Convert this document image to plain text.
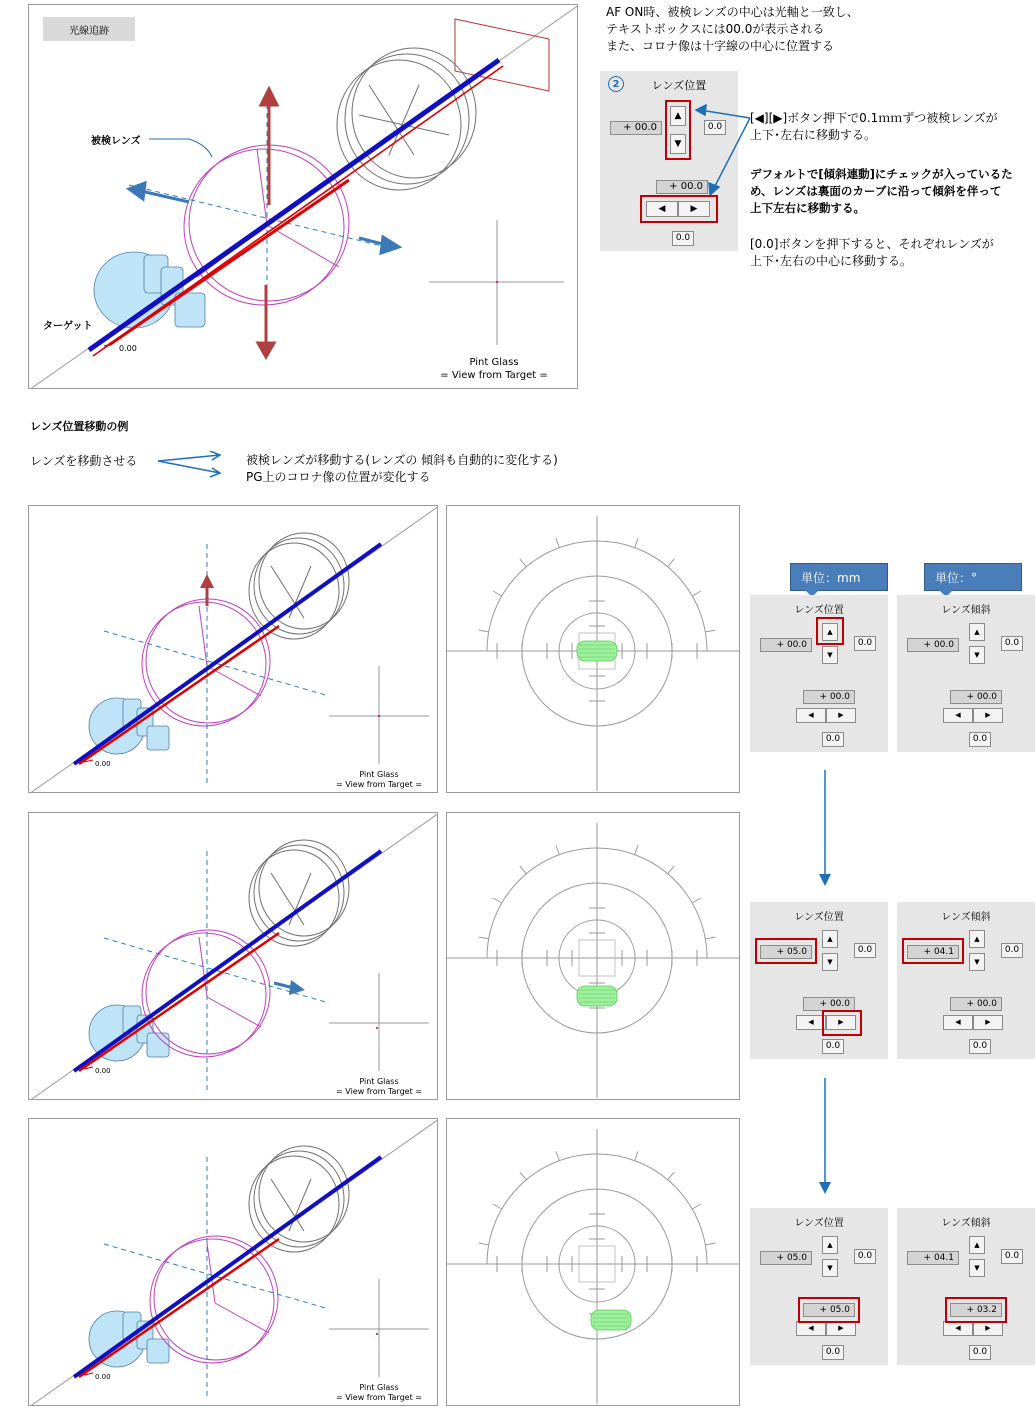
光線追跡
被検レンズ
ターゲット
0.00
Pint Glass
= View from Target =
AF ON時、被検レンズの中心は光軸と一致し、
テキストボックスには00.0が表示される
また、コロナ像は十字線の中心に位置する
2	レンズ位置
+ 00.0
▲
▼
0.0
+ 00.0
◀	▶
0.0
[◀][▶]ボタン押下で0.1ｍｍずつ被検レンズが
上下･左右に移動する。
デフォルトで[傾斜連動]にチェックが入っているた
め、レンズは裏面のカーブに沿って傾斜を伴って
上下左右に移動する。
[0.0]ボタンを押下すると、それぞれレンズが
上下･左右の中心に移動する。
レンズ位置移動の例
レンズを移動させる	被検レンズが移動する(レンズの 傾斜も自動的に変化する)
PG上のコロナ像の位置が変化する
単位：mm	単位：°
0.00
Pint Glass
= View from Target =
レンズ位置
+ 00.0
▲
▼
0.0
+ 00.0
◀	▶
0.0
レンズ傾斜
+ 00.0
▲
▼
0.0
+ 00.0
◀	▶
0.0
0.00
Pint Glass
= View from Target =
レンズ位置
+ 05.0
▲
▼
0.0
+ 00.0
◀	▶
0.0
レンズ傾斜
+ 04.1
▲
▼
0.0
+ 00.0
◀	▶
0.0
0.00
Pint Glass
= View from Target =
レンズ位置
+ 05.0
▲
▼
0.0
+ 05.0
◀	▶
0.0
レンズ傾斜
+ 04.1
▲
▼
0.0
+ 03.2
◀	▶
0.0
